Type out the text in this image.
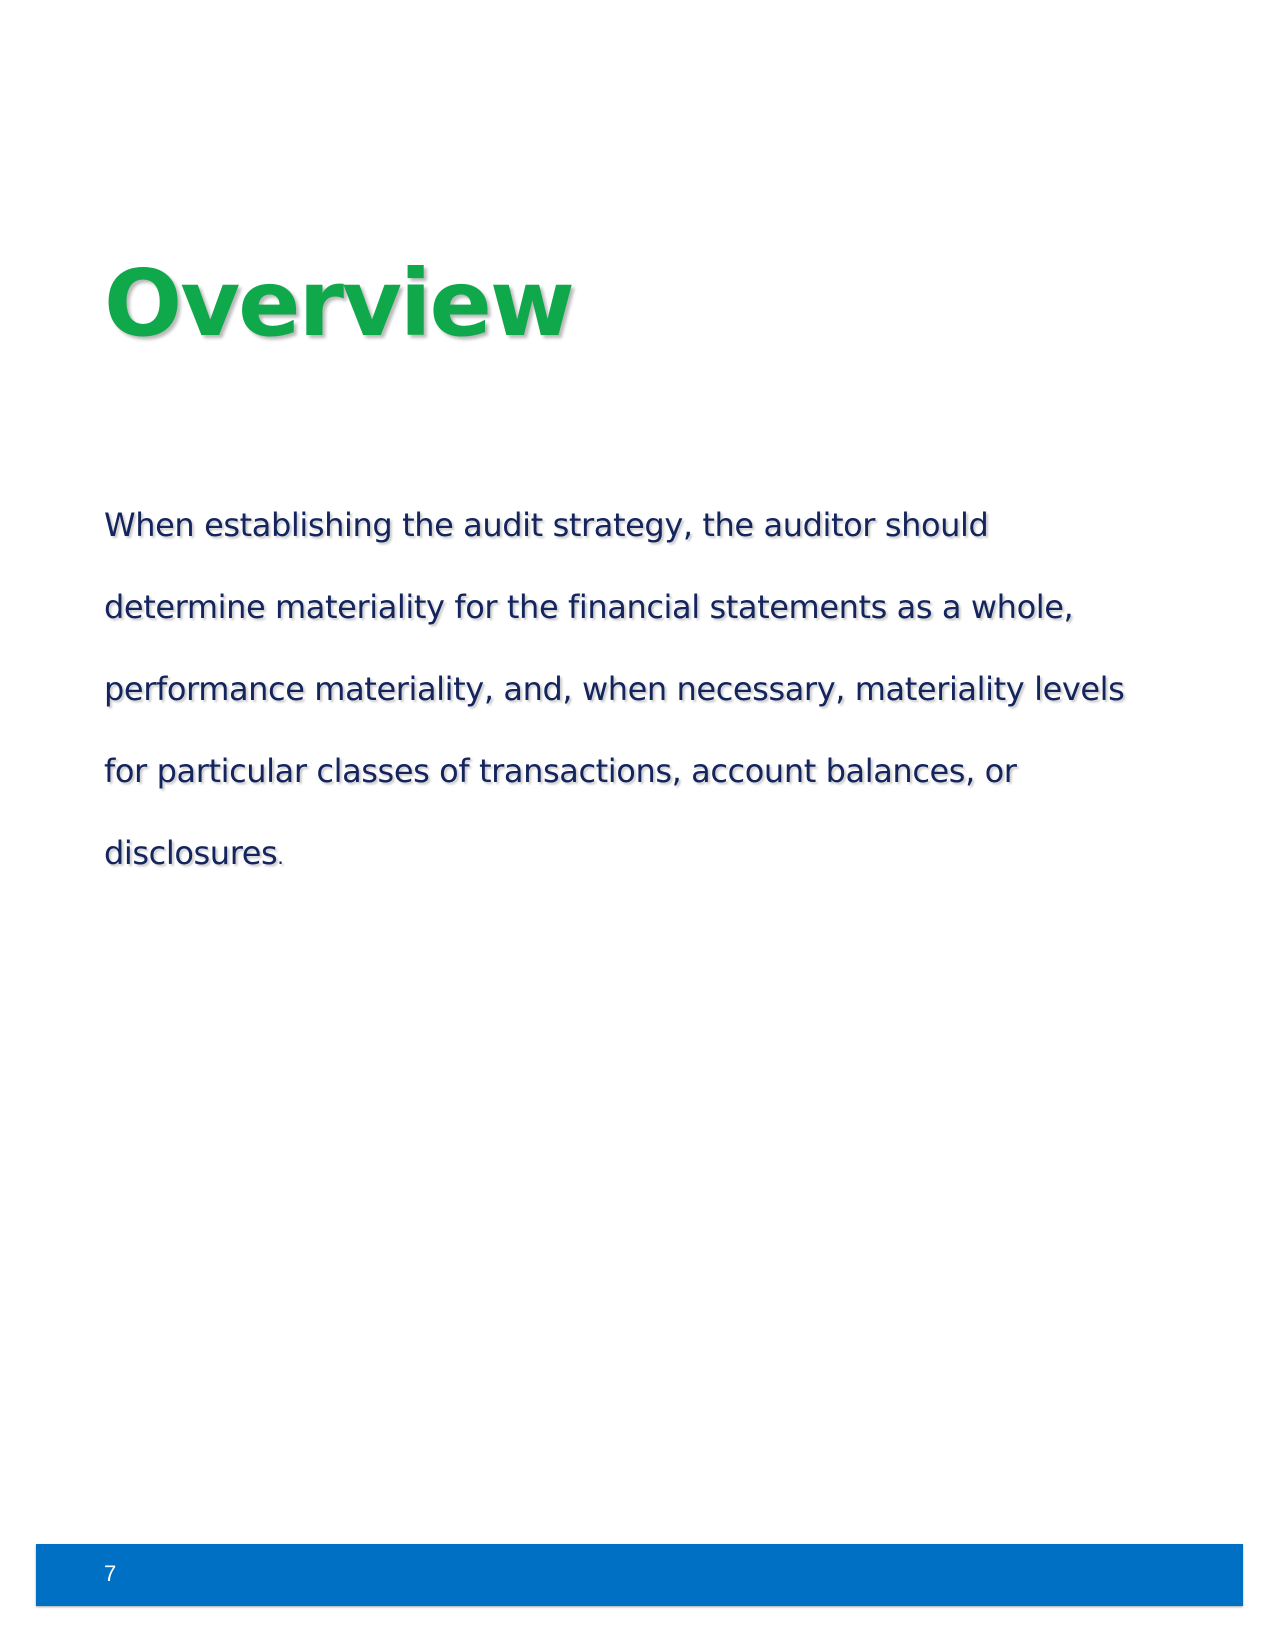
Overview

When establishing the audit strategy, the auditor should
determine materiality for the financial statements as a whole,
performance materiality, and, when necessary, materiality levels
for particular classes of transactions, account balances, or
disclosures.

7
